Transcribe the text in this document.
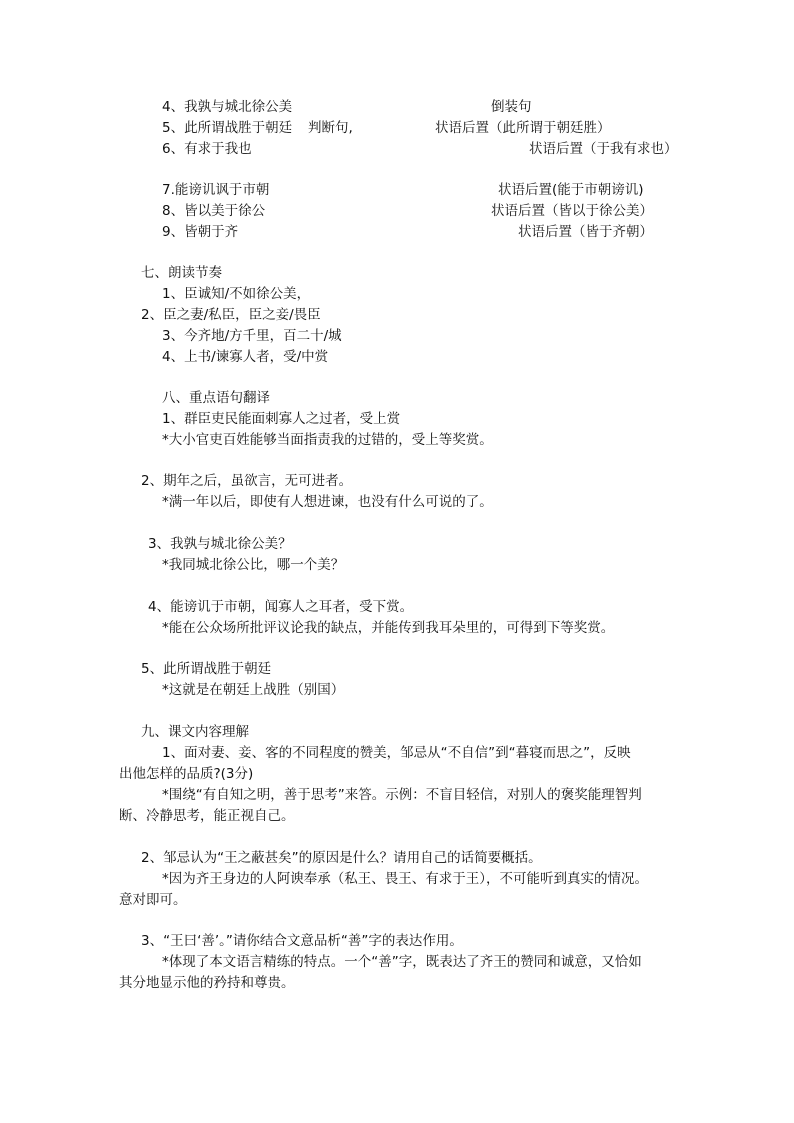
4、我孰与城北徐公美	倒装句
5、此所谓战胜于朝廷 判断句,	状语后置（此所谓于朝廷胜）
6、有求于我也	状语后置（于我有求也）
7.能谤讥讽于市朝	状语后置(能于市朝谤讥)
8、皆以美于徐公	状语后置（皆以于徐公美）
9、皆朝于齐	状语后置（皆于齐朝）
七、朗读节奏
1、臣诚知/不如徐公美，
2、臣之妻/私臣，臣之妾/畏臣
3、今齐地/方千里，百二十/城
4、上书/谏寡人者，受/中赏
八、重点语句翻译
1、群臣吏民能面刺寡人之过者，受上赏
*大小官吏百姓能够当面指责我的过错的，受上等奖赏。
2、期年之后，虽欲言，无可进者。
*满一年以后，即使有人想进谏，也没有什么可说的了。
3、我孰与城北徐公美？
*我同城北徐公比，哪一个美？
4、能谤讥于市朝，闻寡人之耳者，受下赏。
*能在公众场所批评议论我的缺点，并能传到我耳朵里的，可得到下等奖赏。
5、此所谓战胜于朝廷
*这就是在朝廷上战胜（别国）
九、课文内容理解
1、面对妻、妾、客的不同程度的赞美，邹忌从“不自信”到“暮寝而思之”，反映
出他怎样的品质?(3分)
*围绕“有自知之明，善于思考”来答。示例：不盲目轻信，对别人的褒奖能理智判
断、冷静思考，能正视自己。
2、邹忌认为“王之蔽甚矣”的原因是什么？请用自己的话简要概括。
*因为齐王身边的人阿谀奉承（私王、畏王、有求于王），不可能听到真实的情况。
意对即可。
3、“王曰‘善’。”请你结合文意品析“善”字的表达作用。
*体现了本文语言精练的特点。一个“善”字，既表达了齐王的赞同和诚意，又恰如
其分地显示他的矜持和尊贵。
